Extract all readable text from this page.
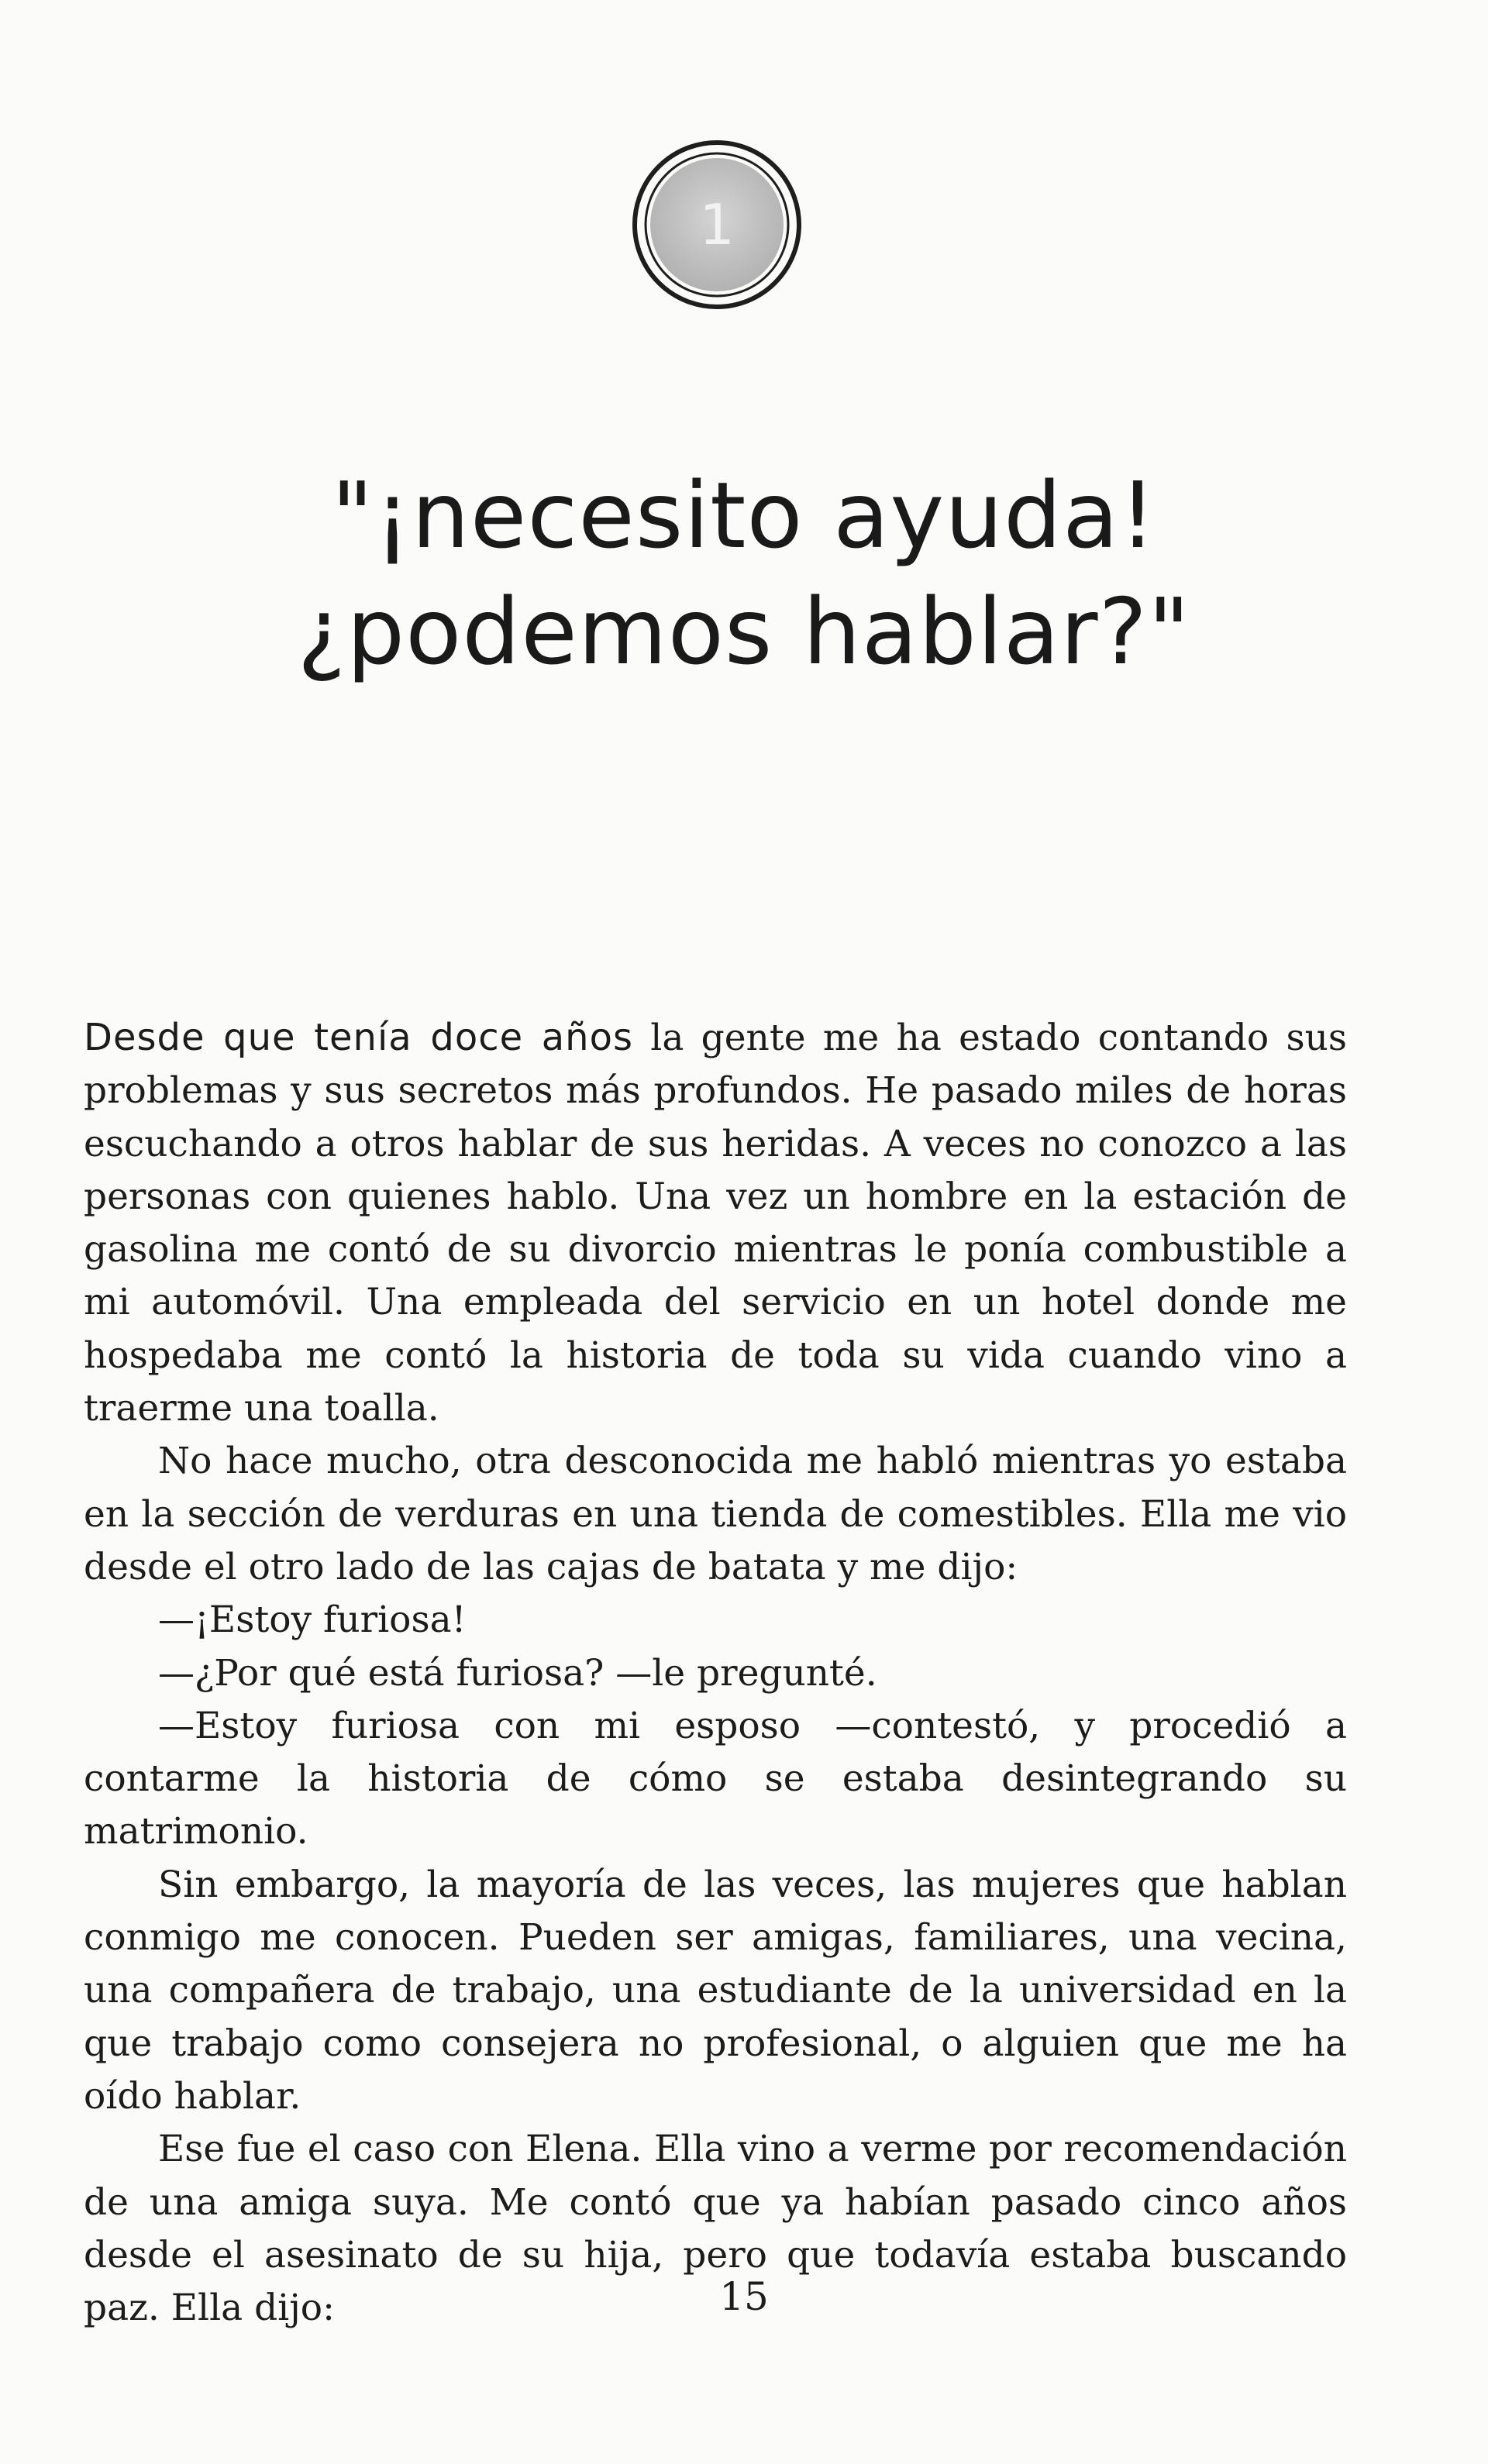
1
"¡necesito ayuda!
¿podemos hablar?"

Desde que tenía doce años la gente me ha estado contando sus problemas y sus secretos más profundos. He pasado miles de horas escuchando a otros hablar de sus heridas. A veces no conozco a las personas con quienes hablo. Una vez un hombre en la estación de gasolina me contó de su divorcio mientras le ponía combustible a mi automóvil. Una empleada del servicio en un hotel donde me hospedaba me contó la historia de toda su vida cuando vino a traerme una toalla.

No hace mucho, otra desconocida me habló mientras yo estaba en la sección de verduras en una tienda de comestibles. Ella me vio desde el otro lado de las cajas de batata y me dijo:

—¡Estoy furiosa!

—¿Por qué está furiosa? —le pregunté.

—Estoy furiosa con mi esposo —contestó, y procedió a contarme la historia de cómo se estaba desintegrando su matrimonio.

Sin embargo, la mayoría de las veces, las mujeres que hablan conmigo me conocen. Pueden ser amigas, familiares, una vecina, una compañera de trabajo, una estudiante de la universidad en la que trabajo como consejera no profesional, o alguien que me ha oído hablar.

Ese fue el caso con Elena. Ella vino a verme por recomendación de una amiga suya. Me contó que ya habían pasado cinco años desde el asesinato de su hija, pero que todavía estaba buscando paz. Ella dijo:	15
